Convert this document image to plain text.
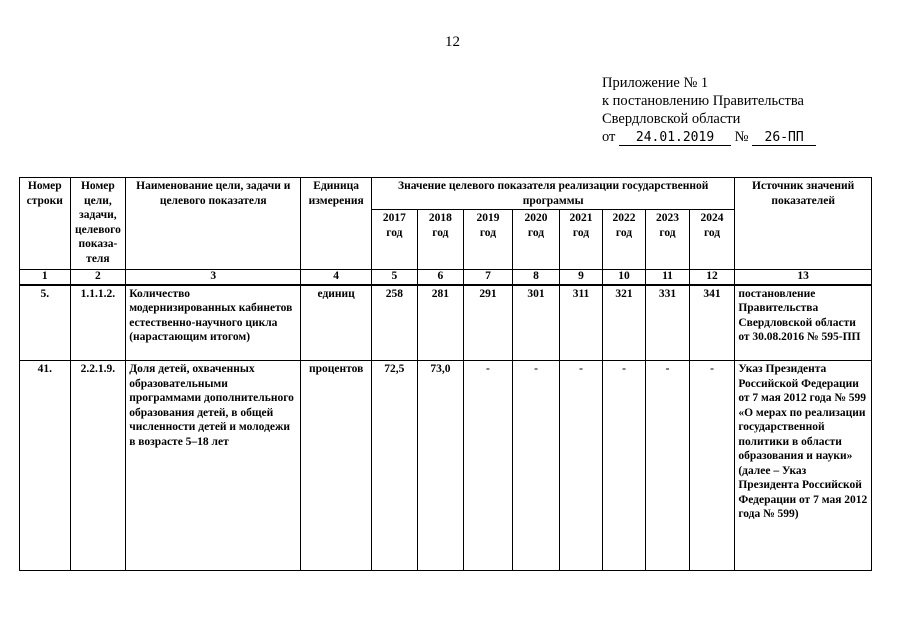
12
Приложение № 1
к постановлению Правительства
Свердловской области
от 24.01.2019 № 26-ПП
Номер строки	Номер цели, задачи, целевого показа-теля	Наименование цели, задачи и целевого показателя	Единица измерения	Значение целевого показателя реализации государственной программы								Источник значений показателей
				2017 год	2018 год	2019 год	2020 год	2021 год	2022 год	2023 год	2024 год	
1	2	3	4	5	6	7	8	9	10	11	12	13
5.	1.1.1.2.	Количество модернизированных кабинетов естественно-научного цикла (нарастающим итогом)	единиц	258	281	291	301	311	321	331	341	постановление Правительства Свердловской области от 30.08.2016 № 595-ПП
41.	2.2.1.9.	Доля детей, охваченных образовательными программами дополнительного образования детей, в общей численности детей и молодежи в возрасте 5–18 лет	процентов	72,5	73,0	-	-	-	-	-	-	Указ Президента Российской Федерации от 7 мая 2012 года № 599 «О мерах по реализации государственной политики в области образования и науки» (далее – Указ Президента Российской Федерации от 7 мая 2012 года № 599)
